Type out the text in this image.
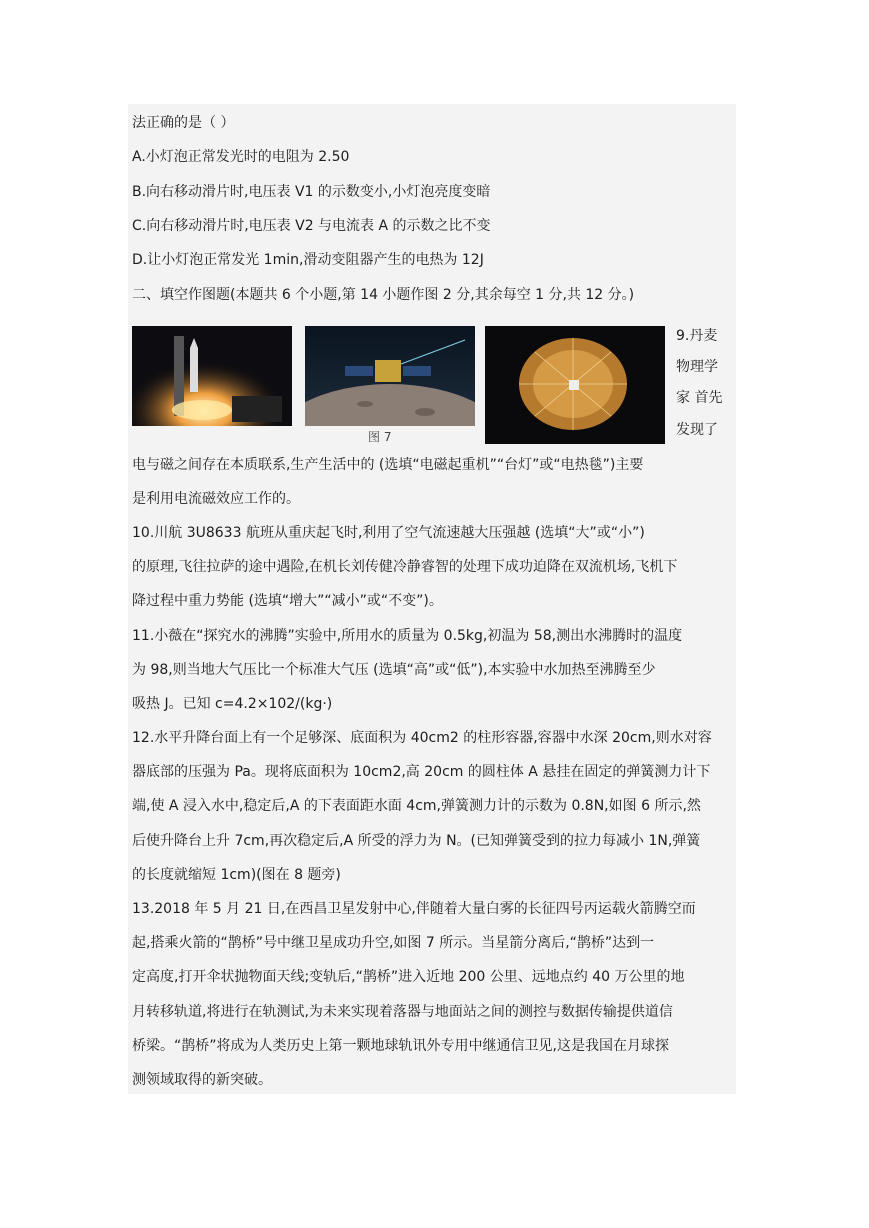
法正确的是（ ）
A.小灯泡正常发光时的电阻为 2.50
B.向右移动滑片时,电压表 V1 的示数变小,小灯泡亮度变暗
C.向右移动滑片时,电压表 V2 与电流表 A 的示数之比不变
D.让小灯泡正常发光 1min,滑动变阻器产生的电热为 12J
二、填空作图题(本题共 6 个小题,第 14 小题作图 2 分,其余每空 1 分,共 12 分。)
图 7
9.丹麦
物理学
家 首先
发现了
电与磁之间存在本质联系,生产生活中的 (选填“电磁起重机”“台灯”或“电热毯”)主要
是利用电流磁效应工作的。
10.川航 3U8633 航班从重庆起飞时,利用了空气流速越大压强越 (选填“大”或“小”)
的原理,飞往拉萨的途中遇险,在机长刘传健冷静睿智的处理下成功迫降在双流机场,飞机下
降过程中重力势能 (选填“增大”“减小”或“不变”)。
11.小薇在“探究水的沸腾”实验中,所用水的质量为 0.5kg,初温为 58,测出水沸腾时的温度
为 98,则当地大气压比一个标准大气压 (选填“高”或“低”),本实验中水加热至沸腾至少
吸热 J。已知 c=4.2×102/(kg·)
12.水平升降台面上有一个足够深、底面积为 40cm2 的柱形容器,容器中水深 20cm,则水对容
器底部的压强为 Pa。现将底面积为 10cm2,高 20cm 的圆柱体 A 悬挂在固定的弹簧测力计下
端,使 A 浸入水中,稳定后,A 的下表面距水面 4cm,弹簧测力计的示数为 0.8N,如图 6 所示,然
后使升降台上升 7cm,再次稳定后,A 所受的浮力为 N。(已知弹簧受到的拉力每减小 1N,弹簧
的长度就缩短 1cm)(图在 8 题旁)
13.2018 年 5 月 21 日,在西昌卫星发射中心,伴随着大量白雾的长征四号丙运载火箭腾空而
起,搭乘火箭的“鹊桥”号中继卫星成功升空,如图 7 所示。当星箭分离后,“鹊桥”达到一
定高度,打开伞状抛物面天线;变轨后,“鹊桥”进入近地 200 公里、远地点约 40 万公里的地
月转移轨道,将进行在轨测试,为未来实现着落器与地面站之间的测控与数据传输提供道信
桥梁。“鹊桥”将成为人类历史上第一颗地球轨讯外专用中继通信卫见,这是我国在月球探
测领域取得的新突破。
